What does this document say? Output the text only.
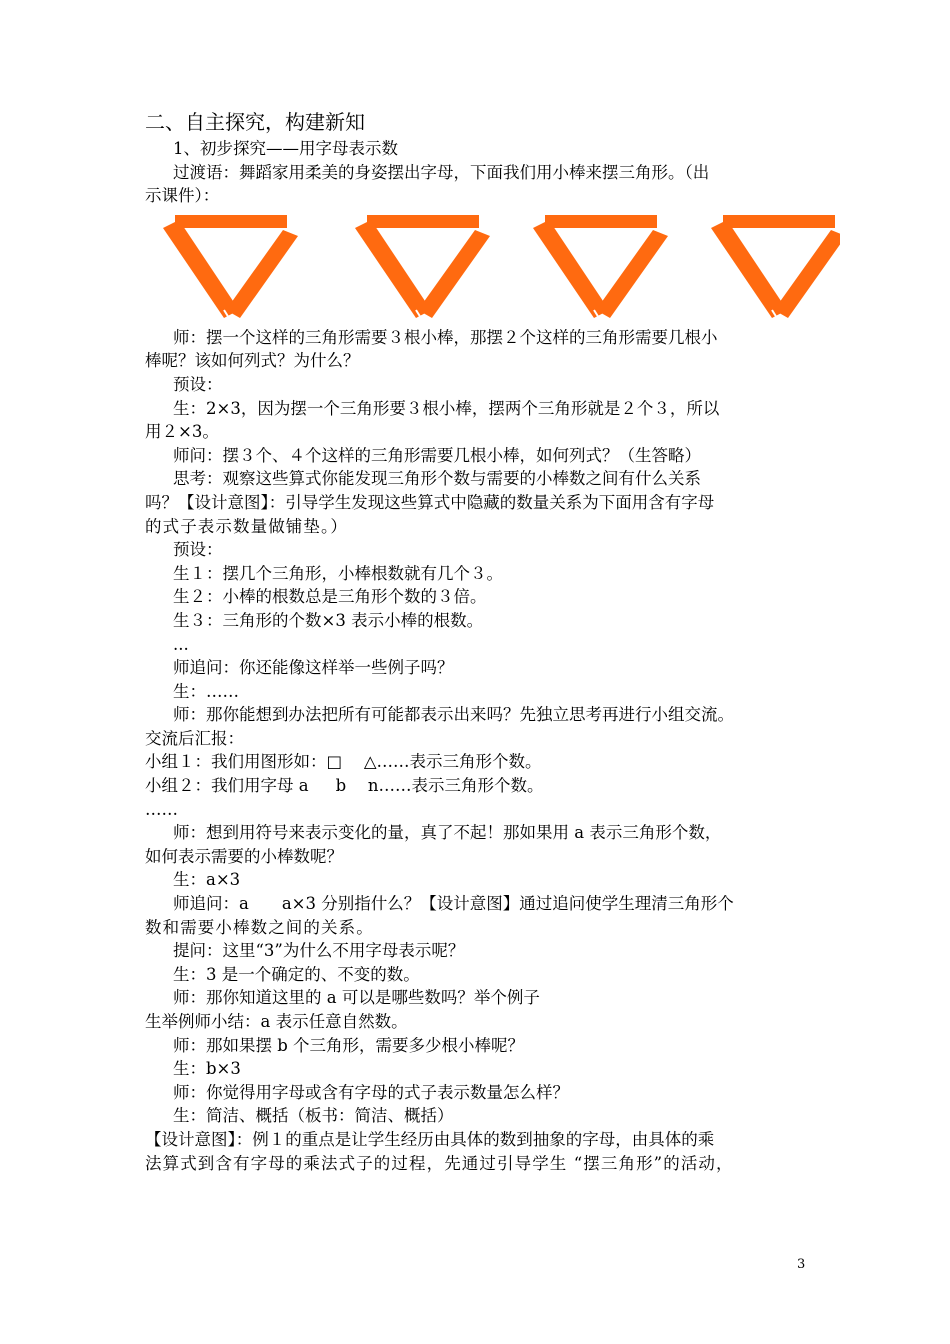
二、自主探究，构建新知

1、初步探究——用字母表示数

过渡语：舞蹈家用柔美的身姿摆出字母，下面我们用小棒来摆三角形。（出

示课件）：

师：摆一个这样的三角形需要３根小棒，那摆２个这样的三角形需要几根小

棒呢？该如何列式？为什么？

预设：

生：2×3，因为摆一个三角形要３根小棒，摆两个三角形就是２个３，所以

用２×3。

师问：摆３个、４个这样的三角形需要几根小棒，如何列式？（生答略）

思考：观察这些算式你能发现三角形个数与需要的小棒数之间有什么关系

吗？【设计意图】：引导学生发现这些算式中隐藏的数量关系为下面用含有字母

的式子表示数量做铺垫。）

预设：

生１：摆几个三角形，小棒根数就有几个３。

生２：小棒的根数总是三角形个数的３倍。

生３：三角形的个数×3 表示小棒的根数。

...

师追问：你还能像这样举一些例子吗？

生：……

师：那你能想到办法把所有可能都表示出来吗？先独立思考再进行小组交流。

交流后汇报：

小组１：我们用图形如：□　 △……表示三角形个数。

小组２：我们用字母 a 　 b 　n……表示三角形个数。

……

师：想到用符号来表示变化的量，真了不起！那如果用 a 表示三角形个数，

如何表示需要的小棒数呢？

生：a×3

师追问：a　　a×3 分别指什么？【设计意图】通过追问使学生理清三角形个

数和需要小棒数之间的关系。

提问：这里“3”为什么不用字母表示呢？

生：3 是一个确定的、不变的数。

师：那你知道这里的 a 可以是哪些数吗？举个例子

生举例师小结：a 表示任意自然数。

师：那如果摆 b 个三角形，需要多少根小棒呢？

生：b×3

师：你觉得用字母或含有字母的式子表示数量怎么样？

生：简洁、概括（板书：简洁、概括）

【设计意图】：例１的重点是让学生经历由具体的数到抽象的字母，由具体的乘

法算式到含有字母的乘法式子的过程，先通过引导学生 “摆三角形”的活动，

3
